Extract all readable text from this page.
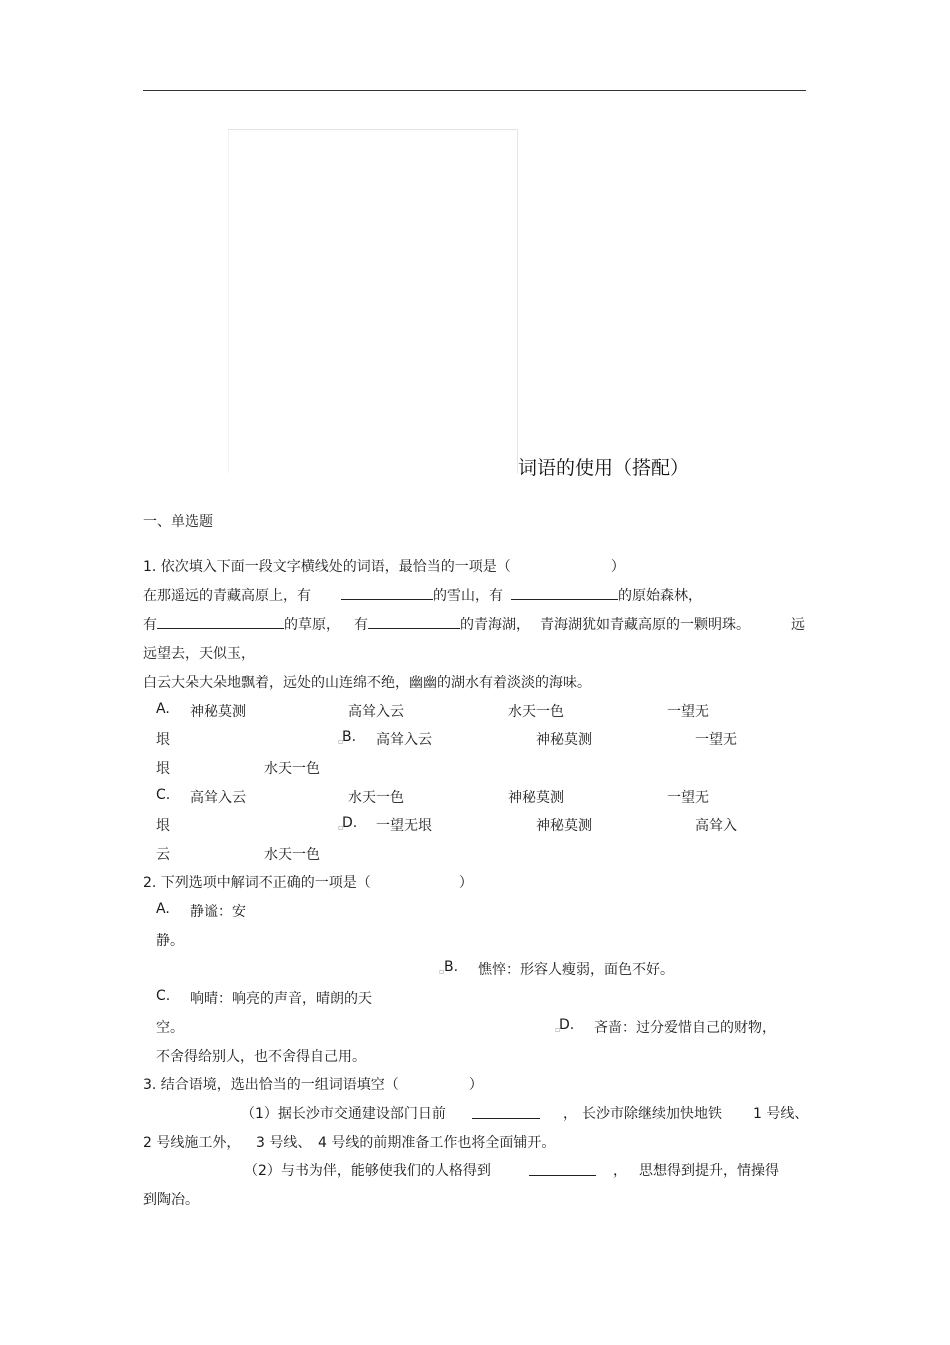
词语的使用（搭配）
一、单选题
1. 依次填入下面一段文字横线处的词语，最恰当的一项是（	）
在那遥远的青藏高原上，有	的雪山，有	的原始森林，
有	的草原， 有	的青海湖， 青海湖犹如青藏高原的一颗明珠。	远
远望去，天似玉，
白云大朵大朵地飘着，远处的山连绵不绝，幽幽的湖水有着淡淡的海味。
A. 神秘莫测	高耸入云	水天一色	一望无
垠	▫
B. 高耸入云	神秘莫测	一望无
垠	水天一色
C. 高耸入云	水天一色	神秘莫测	一望无
垠	▫
D. 一望无垠	神秘莫测	高耸入
云	水天一色
2. 下列选项中解词不正确的一项是（	）
A. 静谧：安
静。
▫ B. 憔悴：形容人瘦弱，面色不好。
C. 响晴：响亮的声音，晴朗的天
空。	▫
D. 吝啬：过分爱惜自己的财物，
不舍得给别人，也不舍得自己用。
3. 结合语境，选出恰当的一组词语填空（	）
（1）据长沙市交通建设部门日前	， 长沙市除继续加快地铁 1 号线、
2 号线施工外， 3 号线、 4 号线的前期准备工作也将全面铺开。
（2）与书为伴，能够使我们的人格得到	， 思想得到提升，情操得
到陶冶。
